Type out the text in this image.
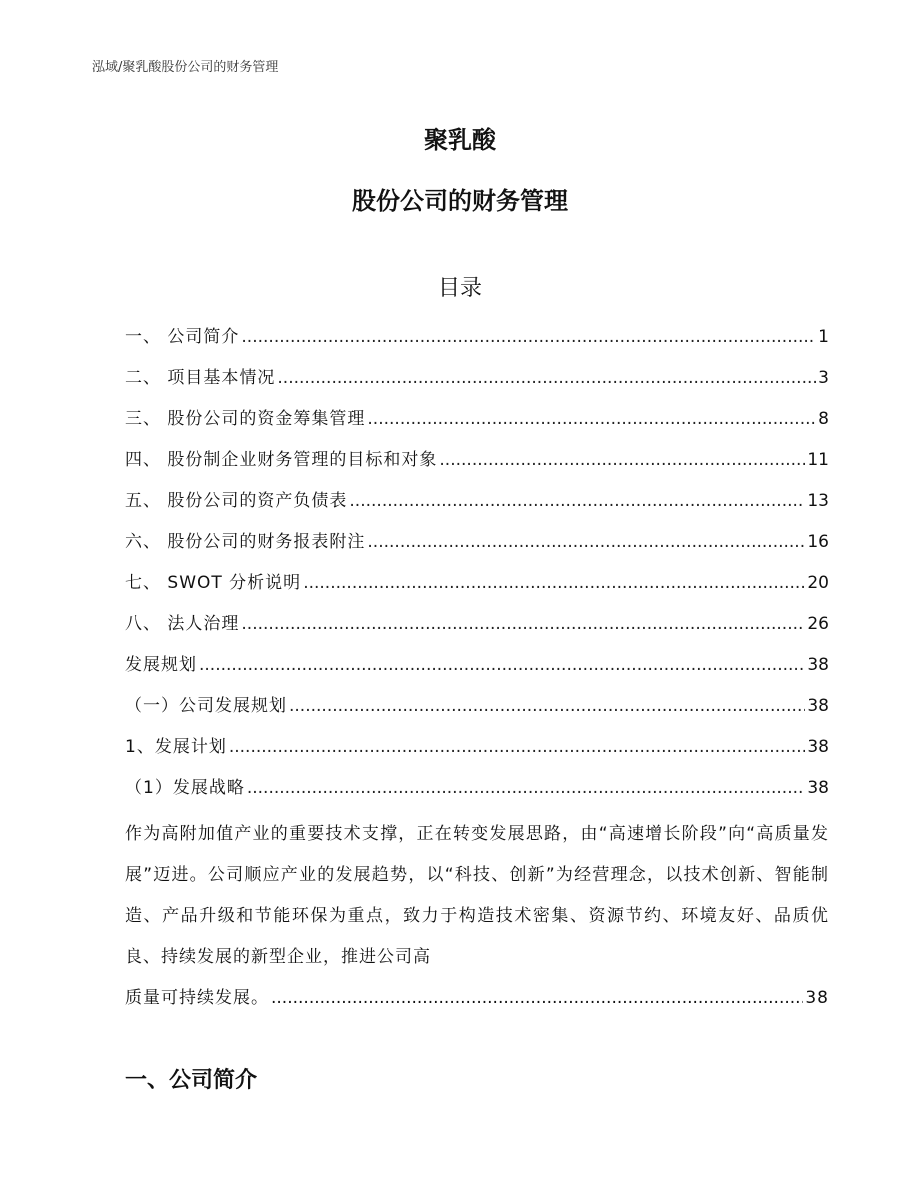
泓域/聚乳酸股份公司的财务管理
聚乳酸
股份公司的财务管理
目录
一、 公司简介 .....	1
二、 项目基本情况 .....	3
三、 股份公司的资金筹集管理 .....	8
四、 股份制企业财务管理的目标和对象 .....	11
五、 股份公司的资产负债表 .....	13
六、 股份公司的财务报表附注 .....	16
七、 SWOT 分析说明 .....	20
八、 法人治理 .....	26
发展规划 .....	38
（一）公司发展规划 .....	38
1、发展计划 .....	38
（1）发展战略 .....	38
作为高附加值产业的重要技术支撑，正在转变发展思路，由“高速增长阶段”向“高质量发展”迈进。公司顺应产业的发展趋势，以“科技、创新”为经营理念，以技术创新、智能制造、产品升级和节能环保为重点，致力于构造技术密集、资源节约、环境友好、品质优良、持续发展的新型企业，推进公司高
质量可持续发展。 .....	38
一、公司简介
